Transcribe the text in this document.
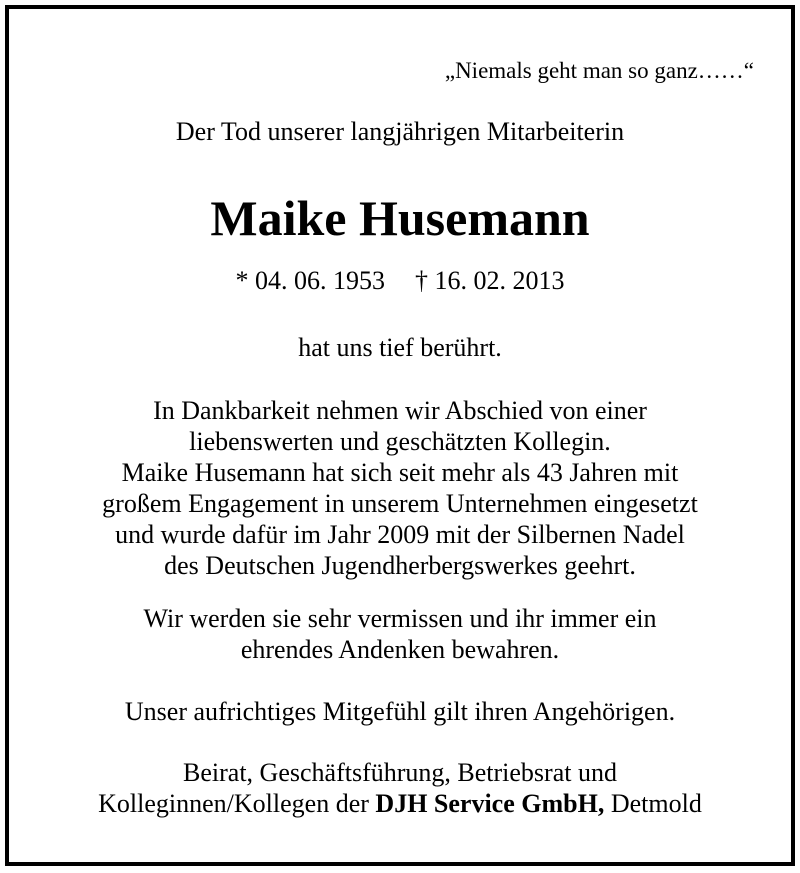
„Niemals geht man so ganz……“
Der Tod unserer langjährigen Mitarbeiterin
Maike Husemann
* 04. 06. 1953 † 16. 02. 2013
hat uns tief berührt.
In Dankbarkeit nehmen wir Abschied von einer
liebenswerten und geschätzten Kollegin.
Maike Husemann hat sich seit mehr als 43 Jahren mit
großem Engagement in unserem Unternehmen eingesetzt
und wurde dafür im Jahr 2009 mit der Silbernen Nadel
des Deutschen Jugendherbergswerkes geehrt.
Wir werden sie sehr vermissen und ihr immer ein
ehrendes Andenken bewahren.
Unser aufrichtiges Mitgefühl gilt ihren Angehörigen.
Beirat, Geschäftsführung, Betriebsrat und
Kolleginnen/Kollegen der DJH Service GmbH, Detmold
